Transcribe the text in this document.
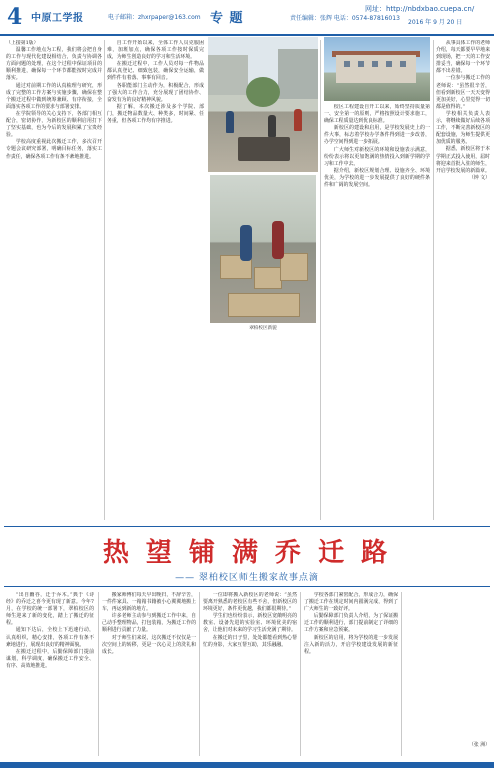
4 中原工学报	电子邮箱：zhxrpaper@163.com 专 题	责任编辑：张辉 电话：0574-87816013
网址：http://nbdxbao.cuepa.cn/
2016 年 9 月 20 日

（上接第1版）

温馨工作地点为工程，我们将会把自身的工作与现代化建设相结合，负责与协调各方面问题的处理，在这个过程中保证项目的顺利推进，确保每一个环节都能按时完成并落实。

通过对前期工作的认真梳理与研究，形成了完整的工作方案与实施步骤，确保在整个搬迁过程中做到统筹兼顾、有序衔接，全面落实各项工作的要求与部署安排。

在学院领导的关心支持下，各部门相互配合，密切协作，为新校区的顺利启用打下了坚实基础，也为今后的发展积累了宝贵经验。

学校高度重视此次搬迁工作，多次召开专题会议研究部署，明确目标任务，落实工作责任，确保各项工作有条不紊地推进。

自工作开始以来，全体工作人员克服困难，加班加点，确保各项工作按时保质完成，为师生创造良好的学习和生活环境。

在搬迁过程中，工作人员对每一件物品都认真登记、细致包装，确保安全运输，做到件件有着落、事事有回音。

各职能部门主动作为，积极配合，形成了强大的工作合力，充分展现了团结协作、奋发有为的良好精神风貌。

据了解，本次搬迁涉及多个学院、部门，搬迁物品数量大、种类多，时间紧、任务重，但各项工作均有序推进。

翠柏校区新貌

校区工程建设自开工以来，始终坚持质量第一、安全第一的原则，严格按照设计要求施工，确保工程质量达到优良标准。

新校区的建设和启用，是学校发展史上的一件大事，标志着学校办学条件得到进一步改善，办学空间得到进一步拓展。

广大师生对新校区的环境和设施表示满意，纷纷表示将以更加饱满的热情投入到新学期的学习和工作中去。

据介绍，新校区规划合理、设施齐全、环境优美，为学校的进一步发展提供了良好的硬件条件和广阔的发展空间。

从事具体工作的老师介绍，每天都要早早地来到现场，把一天的工作安排妥当，确保每一个环节都不出差错。

一位参与搬迁工作的老师说：“虽然很辛苦，但看到新校区一天天变得更加美好，心里觉得一切都是值得的。”

学校相关负责人表示，将继续做好后续各项工作，不断完善新校区的配套设施，为师生提供更加优质的服务。

据悉，新校区将于本学期正式投入使用，届时将迎来首批入驻的师生，开启学校发展的新篇章。

（钟 文）

热 望 铺 满 乔 迁 路
—— 翠柏校区师生搬家故事点滴

“出自幽谷，迁于乔木。”典于《诗经》的乔迁之喜今更有现了新意。今年7月，在学校的统一部署下，翠柏校区的师生迎来了新的变化，踏上了搬迁的征程。

通知下达后，全校上下迅速行动，认真组织，精心安排，各项工作有条不紊地进行，展现出良好的精神面貌。

在搬迁过程中，后勤保障部门提前谋划，科学调度，确保搬迁工作安全、有序、高效地推进。

搬家师傅们每天早出晚归，不辞辛苦，一件件家具、一箱箱书籍被小心翼翼地搬上车，再运到新的地方。

许多老师主动参与到搬迁工作中来，自己动手整理物品，打包装箱，为搬迁工作的顺利进行贡献了力量。

对于师生们来说，这次搬迁不仅仅是一次空间上的转移，更是一次心灵上的洗礼和成长。

一位即将搬入新校区的老师说：“虽然要离开熟悉的老校区有些不舍，但新校区的环境更好，条件更优越，我们都很期待。”

学生们也纷纷表示，新校区宽敞明亮的教室、设备先进的实验室、环境优美的宿舍，让他们对未来的学习生活充满了期待。

在搬迁的日子里，处处都能看到热心帮忙的身影，大家互帮互助，其乐融融。

学校各部门紧密配合，形成合力，确保了搬迁工作在规定时间内圆满完成，得到了广大师生的一致好评。

后勤保障部门负责人介绍，为了保证搬迁工作的顺利进行，部门提前制定了详细的工作方案和应急预案。

新校区的启用，将为学校的进一步发展注入新的活力，开启学校建设发展的新征程。

（张 洲）
